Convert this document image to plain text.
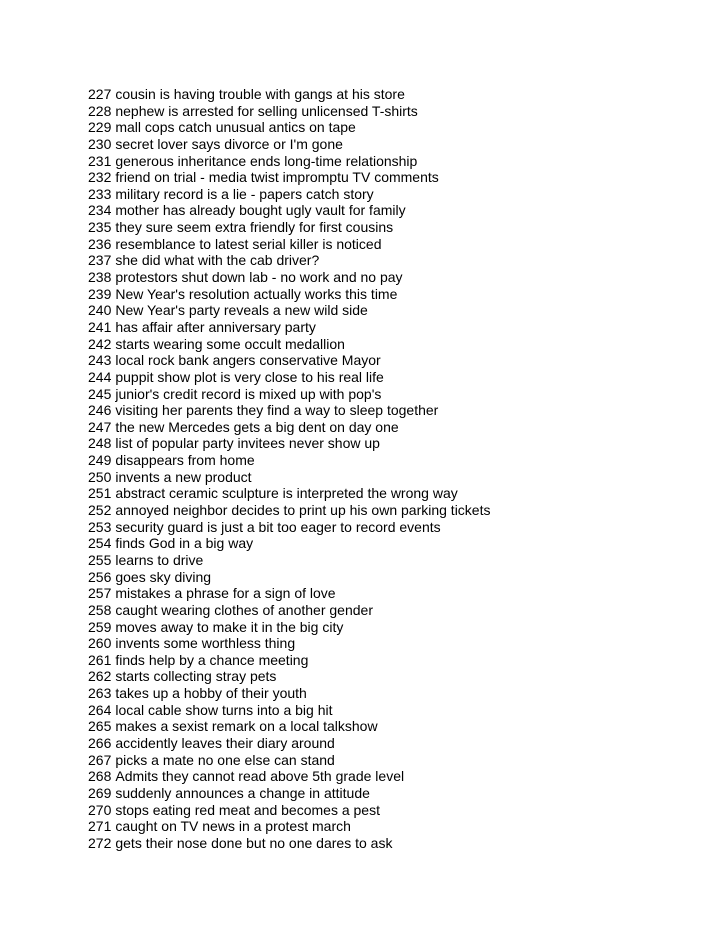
227 cousin is having trouble with gangs at his store
228 nephew is arrested for selling unlicensed T-shirts
229 mall cops catch unusual antics on tape
230 secret lover says divorce or I'm gone
231 generous inheritance ends long-time relationship
232 friend on trial - media twist impromptu TV comments
233 military record is a lie - papers catch story
234 mother has already bought ugly vault for family
235 they sure seem extra friendly for first cousins
236 resemblance to latest serial killer is noticed
237 she did what with the cab driver?
238 protestors shut down lab - no work and no pay
239 New Year's resolution actually works this time
240 New Year's party reveals a new wild side
241 has affair after anniversary party
242 starts wearing some occult medallion
243 local rock bank angers conservative Mayor
244 puppit show plot is very close to his real life
245 junior's credit record is mixed up with pop's
246 visiting her parents they find a way to sleep together
247 the new Mercedes gets a big dent on day one
248 list of popular party invitees never show up
249 disappears from home
250 invents a new product
251 abstract ceramic sculpture is interpreted the wrong way
252 annoyed neighbor decides to print up his own parking tickets
253 security guard is just a bit too eager to record events
254 finds God in a big way
255 learns to drive
256 goes sky diving
257 mistakes a phrase for a sign of love
258 caught wearing clothes of another gender
259 moves away to make it in the big city
260 invents some worthless thing
261 finds help by a chance meeting
262 starts collecting stray pets
263 takes up a hobby of their youth
264 local cable show turns into a big hit
265 makes a sexist remark on a local talkshow
266 accidently leaves their diary around
267 picks a mate no one else can stand
268 Admits they cannot read above 5th grade level
269 suddenly announces a change in attitude
270 stops eating red meat and becomes a pest
271 caught on TV news in a protest march
272 gets their nose done but no one dares to ask
